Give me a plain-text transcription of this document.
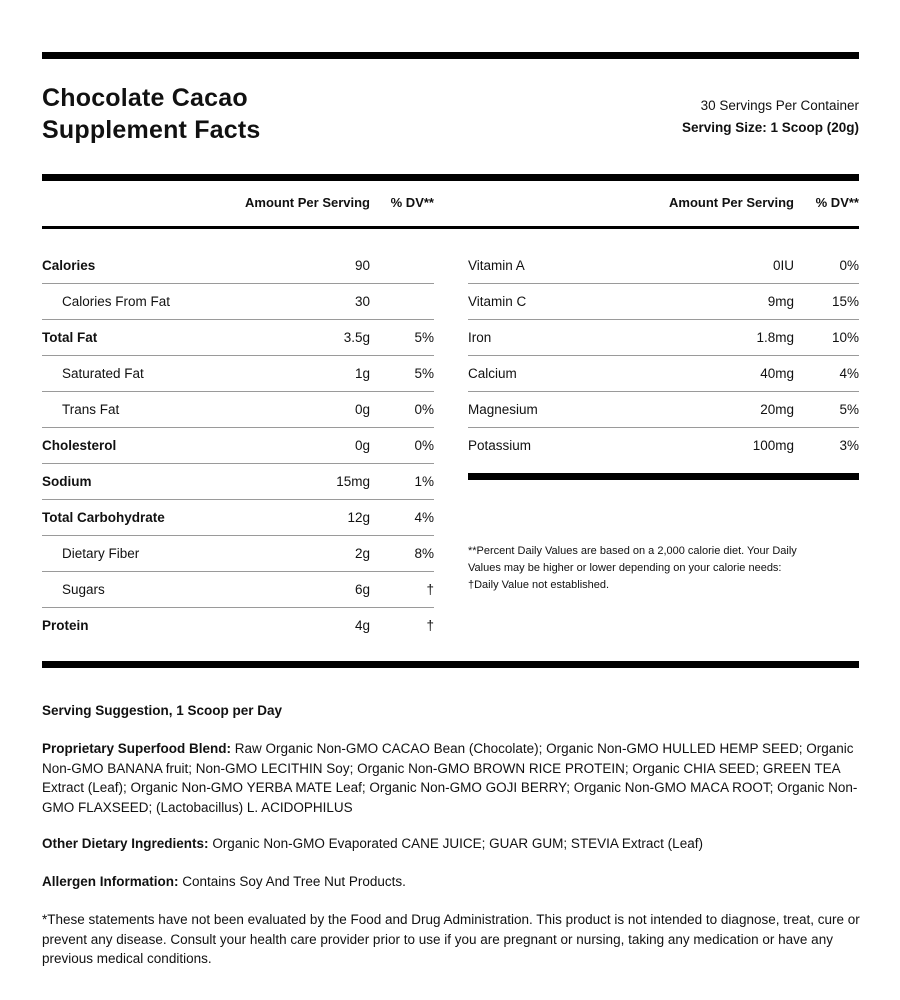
Chocolate Cacao
Supplement Facts
30 Servings Per Container
Serving Size: 1 Scoop (20g)
Amount Per Serving	% DV**	Amount Per Serving	% DV**
Calories	90
Calories From Fat	30
Total Fat	3.5g	5%
Saturated Fat	1g	5%
Trans Fat	0g	0%
Cholesterol	0g	0%
Sodium	15mg	1%
Total Carbohydrate	12g	4%
Dietary Fiber	2g	8%
Sugars	6g	†
Protein	4g	†
Vitamin A	0IU	0%
Vitamin C	9mg	15%
Iron	1.8mg	10%
Calcium	40mg	4%
Magnesium	20mg	5%
Potassium	100mg	3%
**Percent Daily Values are based on a 2,000 calorie diet. Your Daily
Values may be higher or lower depending on your calorie needs:
†Daily Value not established.
Serving Suggestion, 1 Scoop per Day
Proprietary Superfood Blend: Raw Organic Non-GMO CACAO Bean (Chocolate); Organic Non-GMO HULLED HEMP SEED; Organic Non-GMO BANANA fruit; Non-GMO LECITHIN Soy; Organic Non-GMO BROWN RICE PROTEIN; Organic CHIA SEED; GREEN TEA Extract (Leaf); Organic Non-GMO YERBA MATE Leaf; Organic Non-GMO GOJI BERRY; Organic Non-GMO MACA ROOT; Organic Non-GMO FLAXSEED; (Lactobacillus) L. ACIDOPHILUS
Other Dietary Ingredients: Organic Non-GMO Evaporated CANE JUICE; GUAR GUM; STEVIA Extract (Leaf)
Allergen Information: Contains Soy And Tree Nut Products.
*These statements have not been evaluated by the Food and Drug Administration. This product is not intended to diagnose, treat, cure or prevent any disease. Consult your health care provider prior to use if you are pregnant or nursing, taking any medication or have any previous medical conditions.
